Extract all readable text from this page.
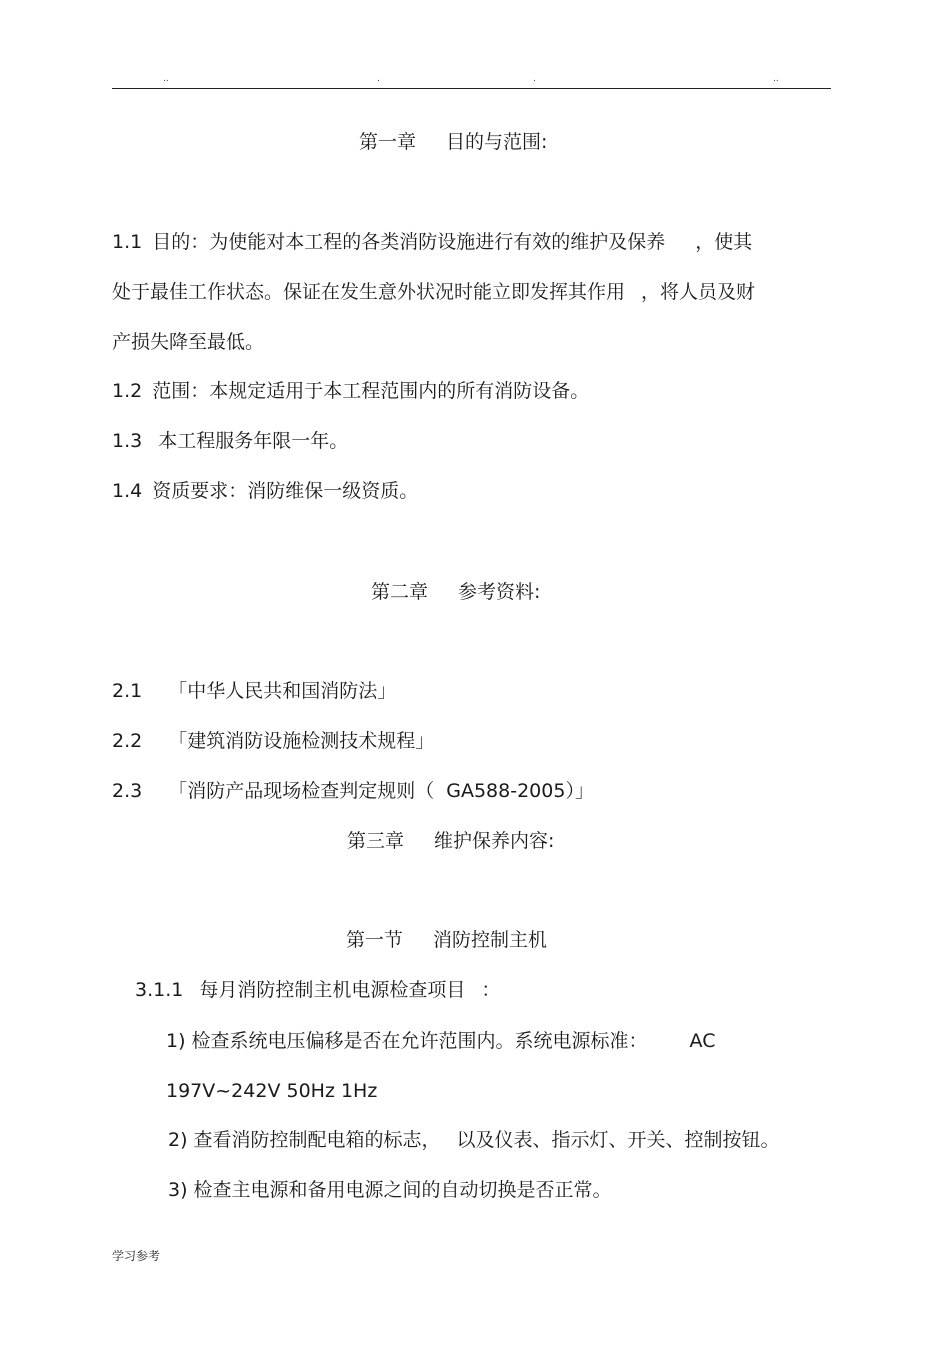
..	.	.	..
第一章 目的与范围:
1.1 目的：为使能对本工程的各类消防设施进行有效的维护及保养 ，使其
处于最佳工作状态。保证在发生意外状况时能立即发挥其作用 ，将人员及财
产损失降至最低。
1.2 范围：本规定适用于本工程范围内的所有消防设备。
1.3 本工程服务年限一年。
1.4 资质要求：消防维保一级资质。
第二章 参考资料:
2.1 「中华人民共和国消防法」
2.2 「建筑消防设施检测技术规程」
2.3 「消防产品现场检查判定规则（ GA588-2005）」
第三章 维护保养内容:
第一节 消防控制主机
3.1.1 每月消防控制主机电源检查项目 ：
1) 检查系统电压偏移是否在允许范围内。系统电源标准： AC
197V~242V 50Hz 1Hz
2) 查看消防控制配电箱的标志， 以及仪表、指示灯、开关、控制按钮。
3) 检查主电源和备用电源之间的自动切换是否正常。
学习参考
